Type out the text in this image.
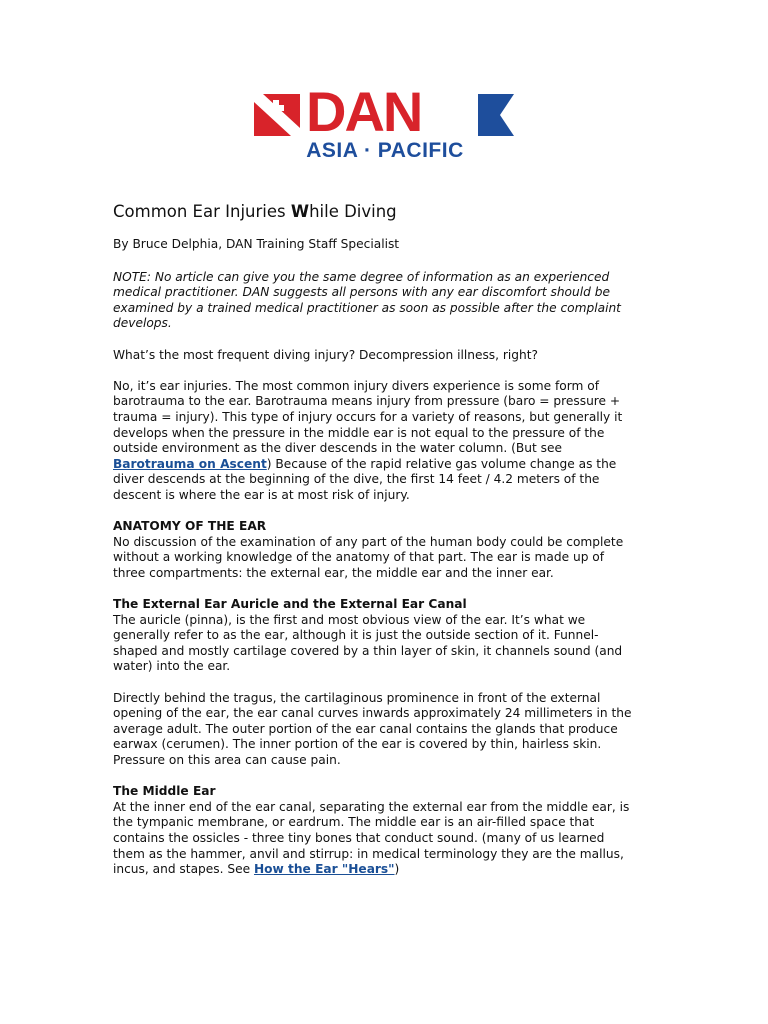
DAN
ASIA · PACIFIC
Common Ear Injuries While Diving

By Bruce Delphia, DAN Training Staff Specialist

NOTE: No article can give you the same degree of information as an experienced
medical practitioner. DAN suggests all persons with any ear discomfort should be
examined by a trained medical practitioner as soon as possible after the complaint
develops.

What’s the most frequent diving injury? Decompression illness, right?

No, it’s ear injuries. The most common injury divers experience is some form of
barotrauma to the ear. Barotrauma means injury from pressure (baro = pressure +
trauma = injury). This type of injury occurs for a variety of reasons, but generally it
develops when the pressure in the middle ear is not equal to the pressure of the
outside environment as the diver descends in the water column. (But see
Barotrauma on Ascent) Because of the rapid relative gas volume change as the
diver descends at the beginning of the dive, the first 14 feet / 4.2 meters of the
descent is where the ear is at most risk of injury.
ANATOMY OF THE EAR
No discussion of the examination of any part of the human body could be complete
without a working knowledge of the anatomy of that part. The ear is made up of
three compartments: the external ear, the middle ear and the inner ear.
The External Ear Auricle and the External Ear Canal
The auricle (pinna), is the first and most obvious view of the ear. It’s what we
generally refer to as the ear, although it is just the outside section of it. Funnel-
shaped and mostly cartilage covered by a thin layer of skin, it channels sound (and
water) into the ear.
Directly behind the tragus, the cartilaginous prominence in front of the external
opening of the ear, the ear canal curves inwards approximately 24 millimeters in the
average adult. The outer portion of the ear canal contains the glands that produce
earwax (cerumen). The inner portion of the ear is covered by thin, hairless skin.
Pressure on this area can cause pain.
The Middle Ear
At the inner end of the ear canal, separating the external ear from the middle ear, is
the tympanic membrane, or eardrum. The middle ear is an air-filled space that
contains the ossicles - three tiny bones that conduct sound. (many of us learned
them as the hammer, anvil and stirrup: in medical terminology they are the mallus,
incus, and stapes. See How the Ear "Hears")
